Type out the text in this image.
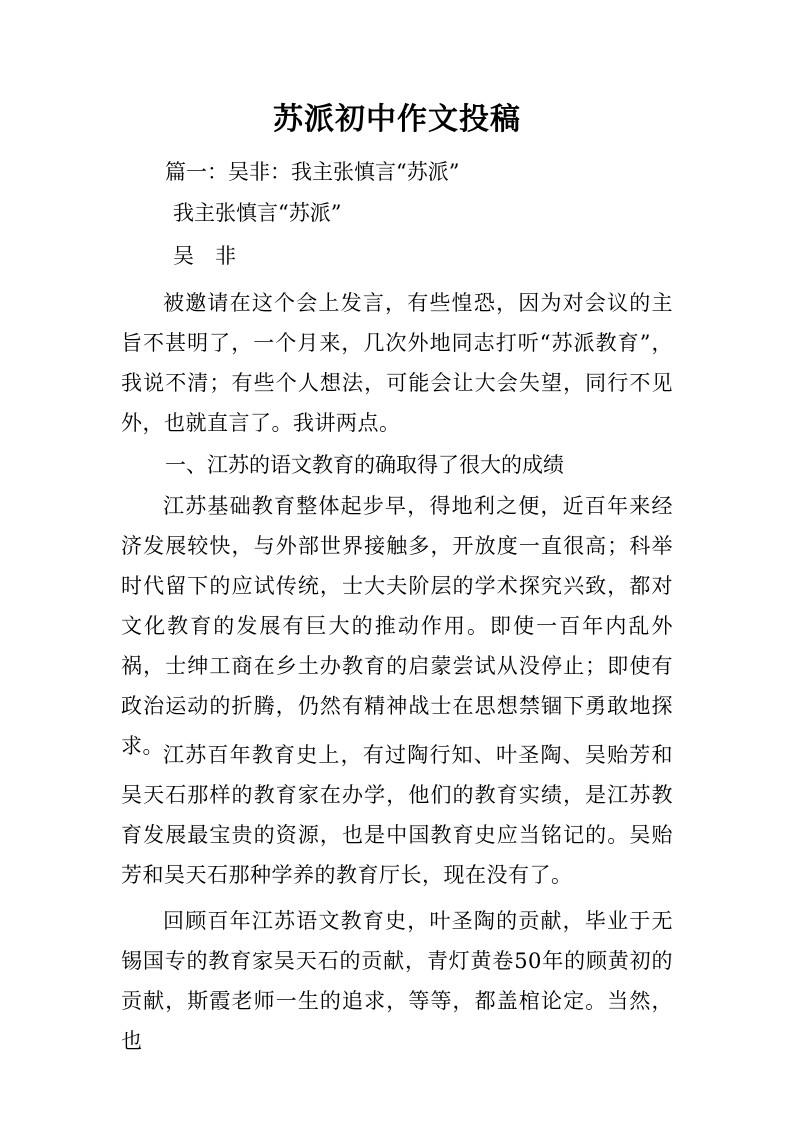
苏派初中作文投稿

篇一：吴非：我主张慎言“苏派”

我主张慎言“苏派”

吴　非

被邀请在这个会上发言，有些惶恐，因为对会议的主旨不甚明了，一个月来，几次外地同志打听“苏派教育”，我说不清；有些个人想法，可能会让大会失望，同行不见外，也就直言了。我讲两点。

一、江苏的语文教育的确取得了很大的成绩

江苏基础教育整体起步早，得地利之便，近百年来经济发展较快，与外部世界接触多，开放度一直很高；科举时代留下的应试传统，士大夫阶层的学术探究兴致，都对文化教育的发展有巨大的推动作用。即使一百年内乱外祸，士绅工商在乡土办教育的启蒙尝试从没停止；即使有政治运动的折腾，仍然有精神战士在思想禁锢下勇敢地探求。 江苏百年教育史上，有过陶行知、叶圣陶、吴贻芳和吴天石那样的教育家在办学，他们的教育实绩，是江苏教育发展最宝贵的资源，也是中国教育史应当铭记的。吴贻芳和吴天石那种学养的教育厅长，现在没有了。

回顾百年江苏语文教育史，叶圣陶的贡献，毕业于无锡国专的教育家吴天石的贡献，青灯黄卷50年的顾黄初的贡献，斯霞老师一生的追求，等等，都盖棺论定。当然，也
